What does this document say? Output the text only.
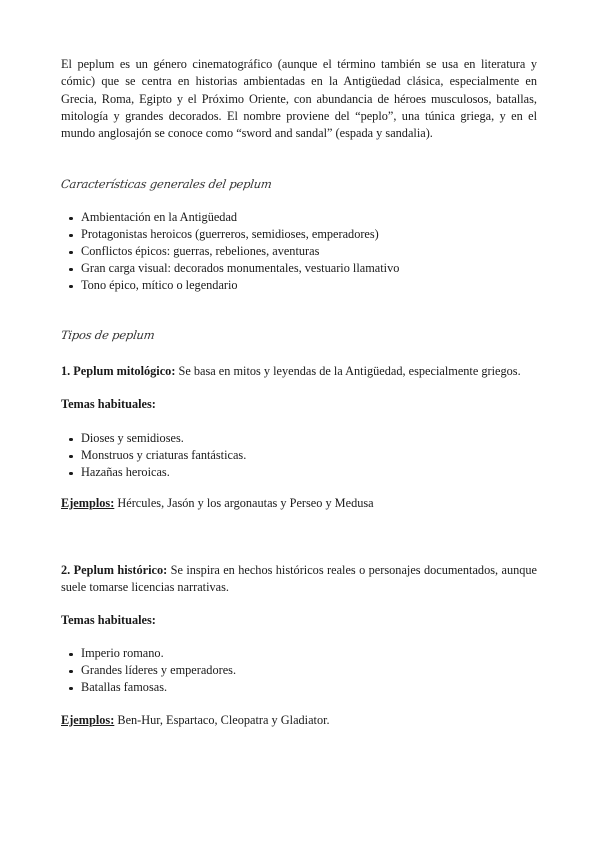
El peplum es un género cinematográfico (aunque el término también se usa en literatura y cómic) que se centra en historias ambientadas en la Antigüedad clásica, especialmente en Grecia, Roma, Egipto y el Próximo Oriente, con abundancia de héroes musculosos, batallas, mitología y grandes decorados. El nombre proviene del “peplo”, una túnica griega, y en el mundo anglosajón se conoce como “sword and sandal” (espada y sandalia).

Características generales del peplum

Ambientación en la Antigüedad
Protagonistas heroicos (guerreros, semidioses, emperadores)
Conflictos épicos: guerras, rebeliones, aventuras
Gran carga visual: decorados monumentales, vestuario llamativo
Tono épico, mítico o legendario

Tipos de peplum

1. Peplum mitológico: Se basa en mitos y leyendas de la Antigüedad, especialmente griegos.

Temas habituales:

Dioses y semidioses.
Monstruos y criaturas fantásticas.
Hazañas heroicas.

Ejemplos: Hércules, Jasón y los argonautas y Perseo y Medusa

2. Peplum histórico: Se inspira en hechos históricos reales o personajes documentados, aunque suele tomarse licencias narrativas.

Temas habituales:

Imperio romano.
Grandes líderes y emperadores.
Batallas famosas.

Ejemplos: Ben-Hur, Espartaco, Cleopatra y Gladiator.
